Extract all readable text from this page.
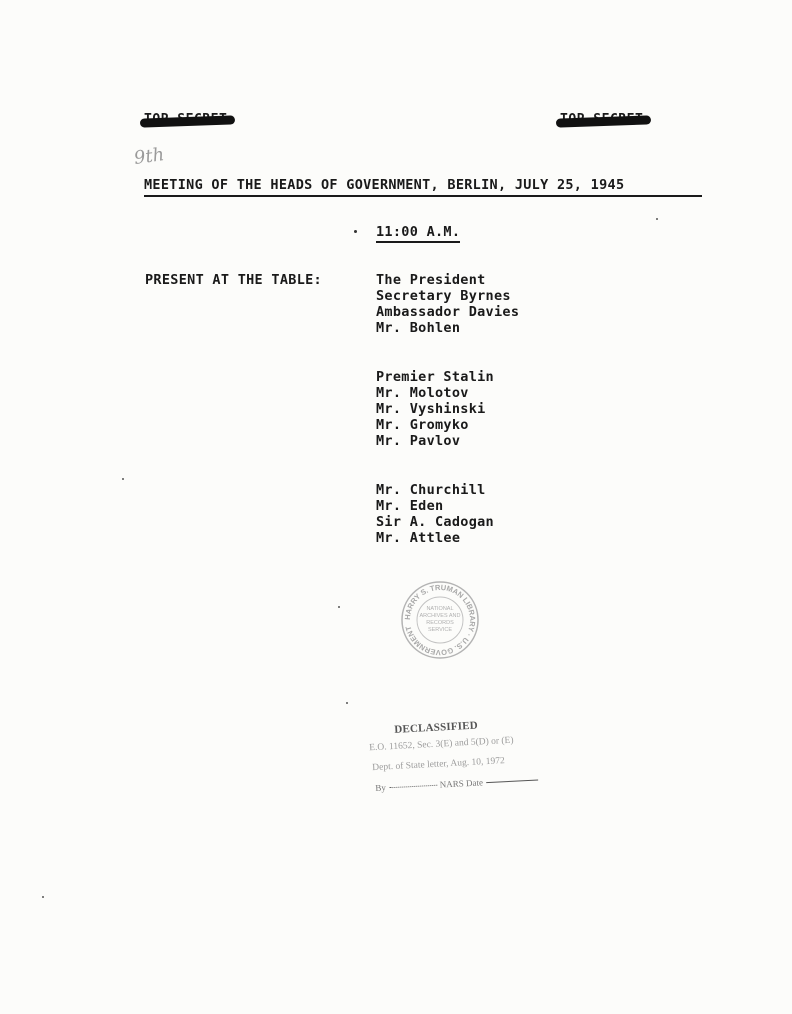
9th
MEETING OF THE HEADS OF GOVERNMENT, BERLIN, JULY 25, 1945
11:00 A.M.
PRESENT AT THE TABLE:	The President
Secretary Byrnes
Ambassador Davies
Mr. Bohlen
Premier Stalin
Mr. Molotov
Mr. Vyshinski
Mr. Gromyko
Mr. Pavlov
Mr. Churchill
Mr. Eden
Sir A. Cadogan
Mr. Attlee
HARRY S. TRUMAN LIBRARY · U.S. GOVERNMENT
NATIONAL
ARCHIVES AND
RECORDS
SERVICE
DECLASSIFIED
E.O. 11652, Sec. 3(E) and 5(D) or (E)
Dept. of State letter, Aug. 10, 1972
By	NARS Date
